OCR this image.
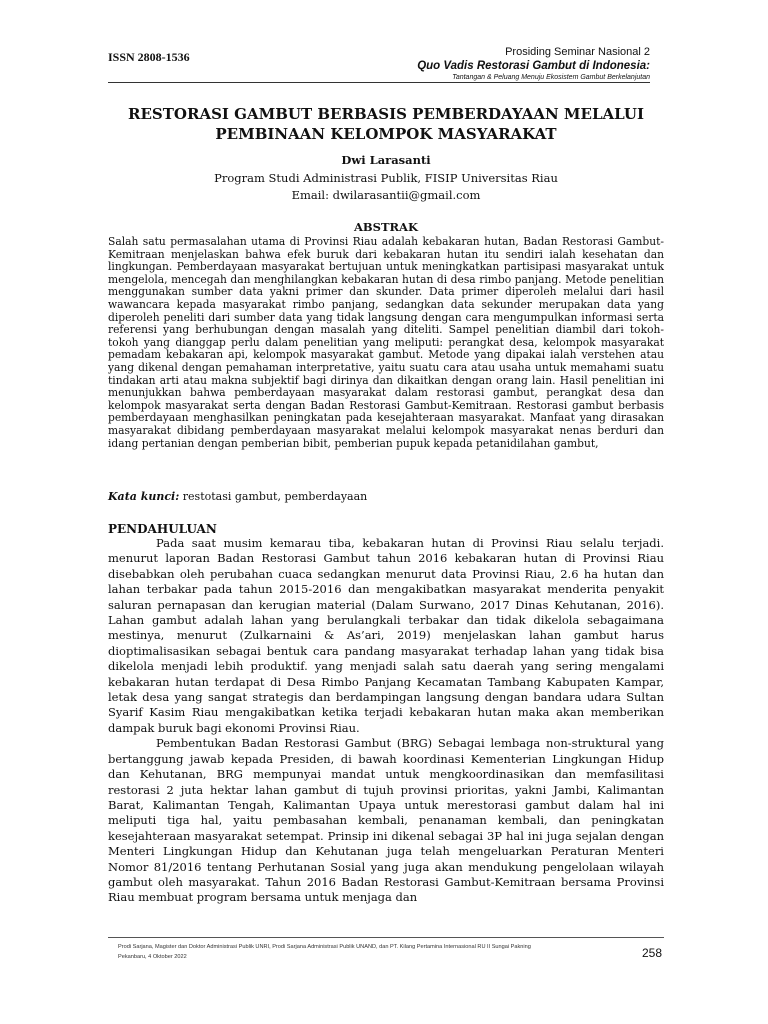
ISSN 2808-1536	Prosiding Seminar Nasional 2
Quo Vadis Restorasi Gambut di Indonesia:
Tantangan & Peluang Menuju Ekosistem Gambut Berkelanjutan
RESTORASI GAMBUT BERBASIS PEMBERDAYAAN MELALUI PEMBINAAN KELOMPOK MASYARAKAT
Dwi Larasanti
Program Studi Administrasi Publik, FISIP Universitas Riau
Email: dwilarasantii@gmail.com
ABSTRAK

Salah satu permasalahan utama di Provinsi Riau adalah kebakaran hutan, Badan Restorasi Gambut-Kemitraan menjelaskan bahwa efek buruk dari kebakaran hutan itu sendiri ialah kesehatan dan lingkungan. Pemberdayaan masyarakat bertujuan untuk meningkatkan partisipasi masyarakat untuk mengelola, mencegah dan menghilangkan kebakaran hutan di desa rimbo panjang. Metode penelitian menggunakan sumber data yakni primer dan skunder. Data primer diperoleh melalui dari hasil wawancara kepada masyarakat rimbo panjang, sedangkan data sekunder merupakan data yang diperoleh peneliti dari sumber data yang tidak langsung dengan cara mengumpulkan informasi serta referensi yang berhubungan dengan masalah yang diteliti. Sampel penelitian diambil dari tokoh-tokoh yang dianggap perlu dalam penelitian yang meliputi: perangkat desa, kelompok masyarakat pemadam kebakaran api, kelompok masyarakat gambut. Metode yang dipakai ialah verstehen atau yang dikenal dengan pemahaman interpretative, yaitu suatu cara atau usaha untuk memahami suatu tindakan arti atau makna subjektif bagi dirinya dan dikaitkan dengan orang lain. Hasil penelitian ini menunjukkan bahwa pemberdayaan masyarakat dalam restorasi gambut, perangkat desa dan kelompok masyarakat serta dengan Badan Restorasi Gambut-Kemitraan. Restorasi gambut berbasis pemberdayaan menghasilkan peningkatan pada kesejahteraan masyarakat. Manfaat yang dirasakan masyarakat dibidang pemberdayaan masyarakat melalui kelompok masyarakat nenas berduri dan idang pertanian dengan pemberian bibit, pemberian pupuk kepada petanidilahan gambut,

Kata kunci: restotasi gambut, pemberdayaan
PENDAHULUAN

Pada saat musim kemarau tiba, kebakaran hutan di Provinsi Riau selalu terjadi. menurut laporan Badan Restorasi Gambut tahun 2016 kebakaran hutan di Provinsi Riau disebabkan oleh perubahan cuaca sedangkan menurut data Provinsi Riau, 2.6 ha hutan dan lahan terbakar pada tahun 2015-2016 dan mengakibatkan masyarakat menderita penyakit saluran pernapasan dan kerugian material (Dalam Surwano, 2017 Dinas Kehutanan, 2016). Lahan gambut adalah lahan yang berulangkali terbakar dan tidak dikelola sebagaimana mestinya, menurut (Zulkarnaini & As’ari, 2019) menjelaskan lahan gambut harus dioptimalisasikan sebagai bentuk cara pandang masyarakat terhadap lahan yang tidak bisa dikelola menjadi lebih produktif. yang menjadi salah satu daerah yang sering mengalami kebakaran hutan terdapat di Desa Rimbo Panjang Kecamatan Tambang Kabupaten Kampar, letak desa yang sangat strategis dan berdampingan langsung dengan bandara udara Sultan Syarif Kasim Riau mengakibatkan ketika terjadi kebakaran hutan maka akan memberikan dampak buruk bagi ekonomi Provinsi Riau.

Pembentukan Badan Restorasi Gambut (BRG) Sebagai lembaga non-struktural yang bertanggung jawab kepada Presiden, di bawah koordinasi Kementerian Lingkungan Hidup dan Kehutanan, BRG mempunyai mandat untuk mengkoordinasikan dan memfasilitasi restorasi 2 juta hektar lahan gambut di tujuh provinsi prioritas, yakni Jambi, Kalimantan Barat, Kalimantan Tengah, Kalimantan Upaya untuk merestorasi gambut dalam hal ini meliputi tiga hal, yaitu pembasahan kembali, penanaman kembali, dan peningkatan kesejahteraan masyarakat setempat. Prinsip ini dikenal sebagai 3P hal ini juga sejalan dengan Menteri Lingkungan Hidup dan Kehutanan juga telah mengeluarkan Peraturan Menteri Nomor 81/2016 tentang Perhutanan Sosial yang juga akan mendukung pengelolaan wilayah gambut oleh masyarakat. Tahun 2016 Badan Restorasi Gambut-Kemitraan bersama Provinsi Riau membuat program bersama untuk menjaga dan

Prodi Sarjana, Magister dan Doktor Administrasi Publik UNRI, Prodi Sarjana Administrasi Publik UNAND, dan PT. Kilang Pertamina Internasional RU II Sungai Pakning
Pekanbaru, 4 Oktober 2022	258
